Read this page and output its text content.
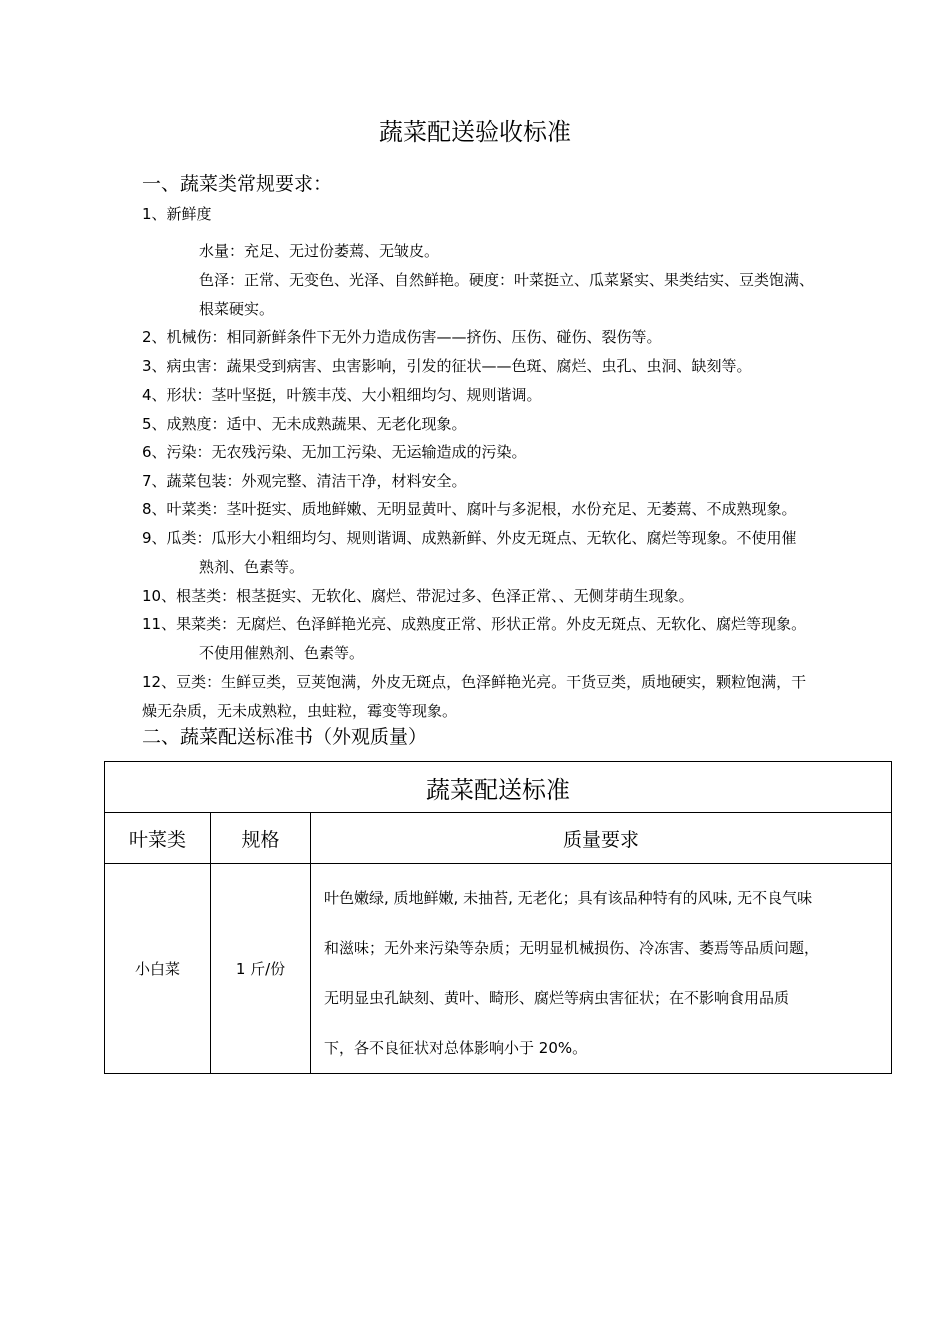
蔬菜配送验收标准
一、蔬菜类常规要求：
1、新鲜度
水量：充足、无过份萎蔫、无皱皮。
色泽：正常、无变色、光泽、自然鲜艳。硬度：叶菜挺立、瓜菜紧实、果类结实、豆类饱满、
根菜硬实。
2、机械伤：相同新鲜条件下无外力造成伤害——挤伤、压伤、碰伤、裂伤等。
3、病虫害：蔬果受到病害、虫害影响，引发的征状——色斑、腐烂、虫孔、虫洞、缺刻等。
4、形状：茎叶坚挺，叶簇丰茂、大小粗细均匀、规则谐调。
5、成熟度：适中、无未成熟蔬果、无老化现象。
6、污染：无农残污染、无加工污染、无运输造成的污染。
7、蔬菜包装：外观完整、清洁干净，材料安全。
8、叶菜类：茎叶挺实、质地鲜嫩、无明显黄叶、腐叶与多泥根，水份充足、无萎蔫、不成熟现象。
9、瓜类：瓜形大小粗细均匀、规则谐调、成熟新鲜、外皮无斑点、无软化、腐烂等现象。不使用催
熟剂、色素等。
10、根茎类：根茎挺实、无软化、腐烂、带泥过多、色泽正常、、无侧芽萌生现象。
11、果菜类：无腐烂、色泽鲜艳光亮、成熟度正常、形状正常。外皮无斑点、无软化、腐烂等现象。
不使用催熟剂、色素等。
12、豆类：生鲜豆类，豆荚饱满，外皮无斑点，色泽鲜艳光亮。干货豆类，质地硬实，颗粒饱满，干
燥无杂质，无未成熟粒，虫蛀粒，霉变等现象。
二、蔬菜配送标准书（外观质量）
蔬菜配送标准		
叶菜类	规格	质量要求
小白菜	1 斤/份	叶色嫩绿, 质地鲜嫩, 未抽苔, 无老化；具有该品种特有的风味, 无不良气味
和滋味；无外来污染等杂质；无明显机械损伤、冷冻害、萎焉等品质问题，
无明显虫孔缺刻、黄叶、畸形、腐烂等病虫害征状；在不影响食用品质
下，各不良征状对总体影响小于 20%。
